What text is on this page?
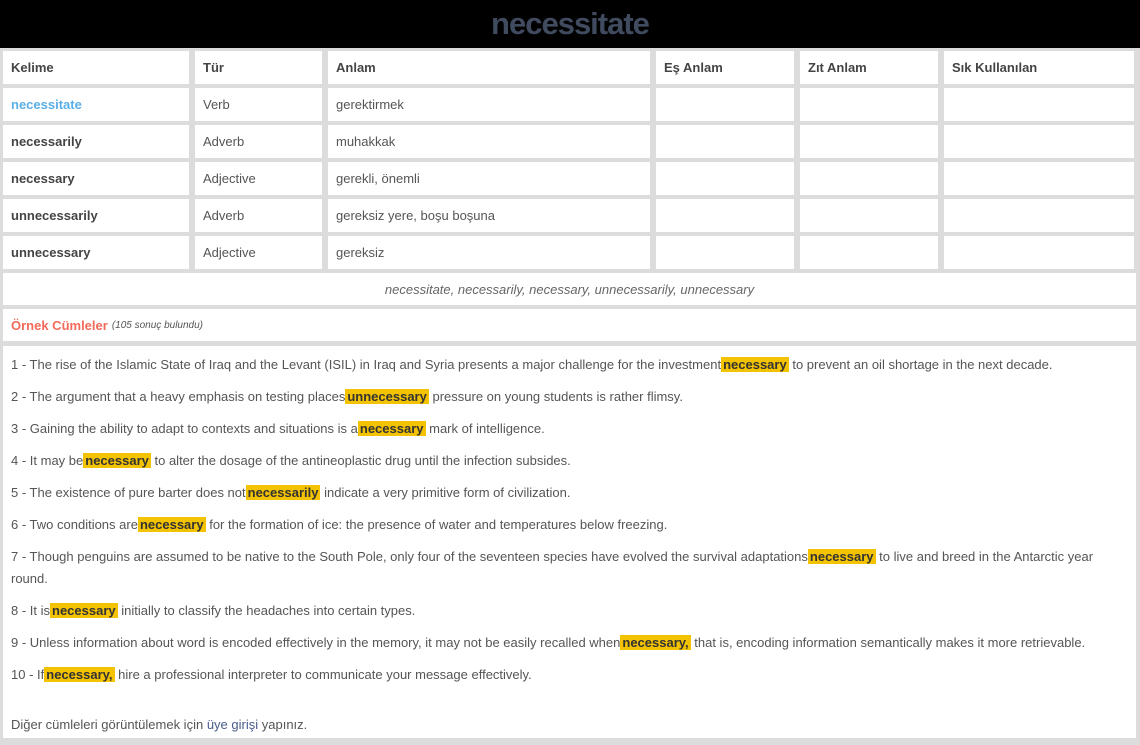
necessitate
Kelime	Tür	Anlam	Eş Anlam	Zıt Anlam	Sık Kullanılan
necessitate	Verb	gerektirmek
necessarily	Adverb	muhakkak
necessary	Adjective	gerekli, önemli
unnecessarily	Adverb	gereksiz yere, boşu boşuna
unnecessary	Adjective	gereksiz
necessitate, necessarily, necessary, unnecessarily, unnecessary
Örnek Cümleler (105 sonuç bulundu)
1 - The rise of the Islamic State of Iraq and the Levant (ISIL) in Iraq and Syria presents a major challenge for the investment necessary to prevent an oil shortage in the next decade.
2 - The argument that a heavy emphasis on testing places unnecessary pressure on young students is rather flimsy.
3 - Gaining the ability to adapt to contexts and situations is a necessary mark of intelligence.
4 - It may be necessary to alter the dosage of the antineoplastic drug until the infection subsides.
5 - The existence of pure barter does not necessarily indicate a very primitive form of civilization.
6 - Two conditions are necessary for the formation of ice: the presence of water and temperatures below freezing.
7 - Though penguins are assumed to be native to the South Pole, only four of the seventeen species have evolved the survival adaptations necessary to live and breed in the Antarctic year round.
8 - It is necessary initially to classify the headaches into certain types.
9 - Unless information about word is encoded effectively in the memory, it may not be easily recalled when necessary, that is, encoding information semantically makes it more retrievable.
10 - If necessary, hire a professional interpreter to communicate your message effectively.
Diğer cümleleri görüntülemek için üye girişi yapınız.
